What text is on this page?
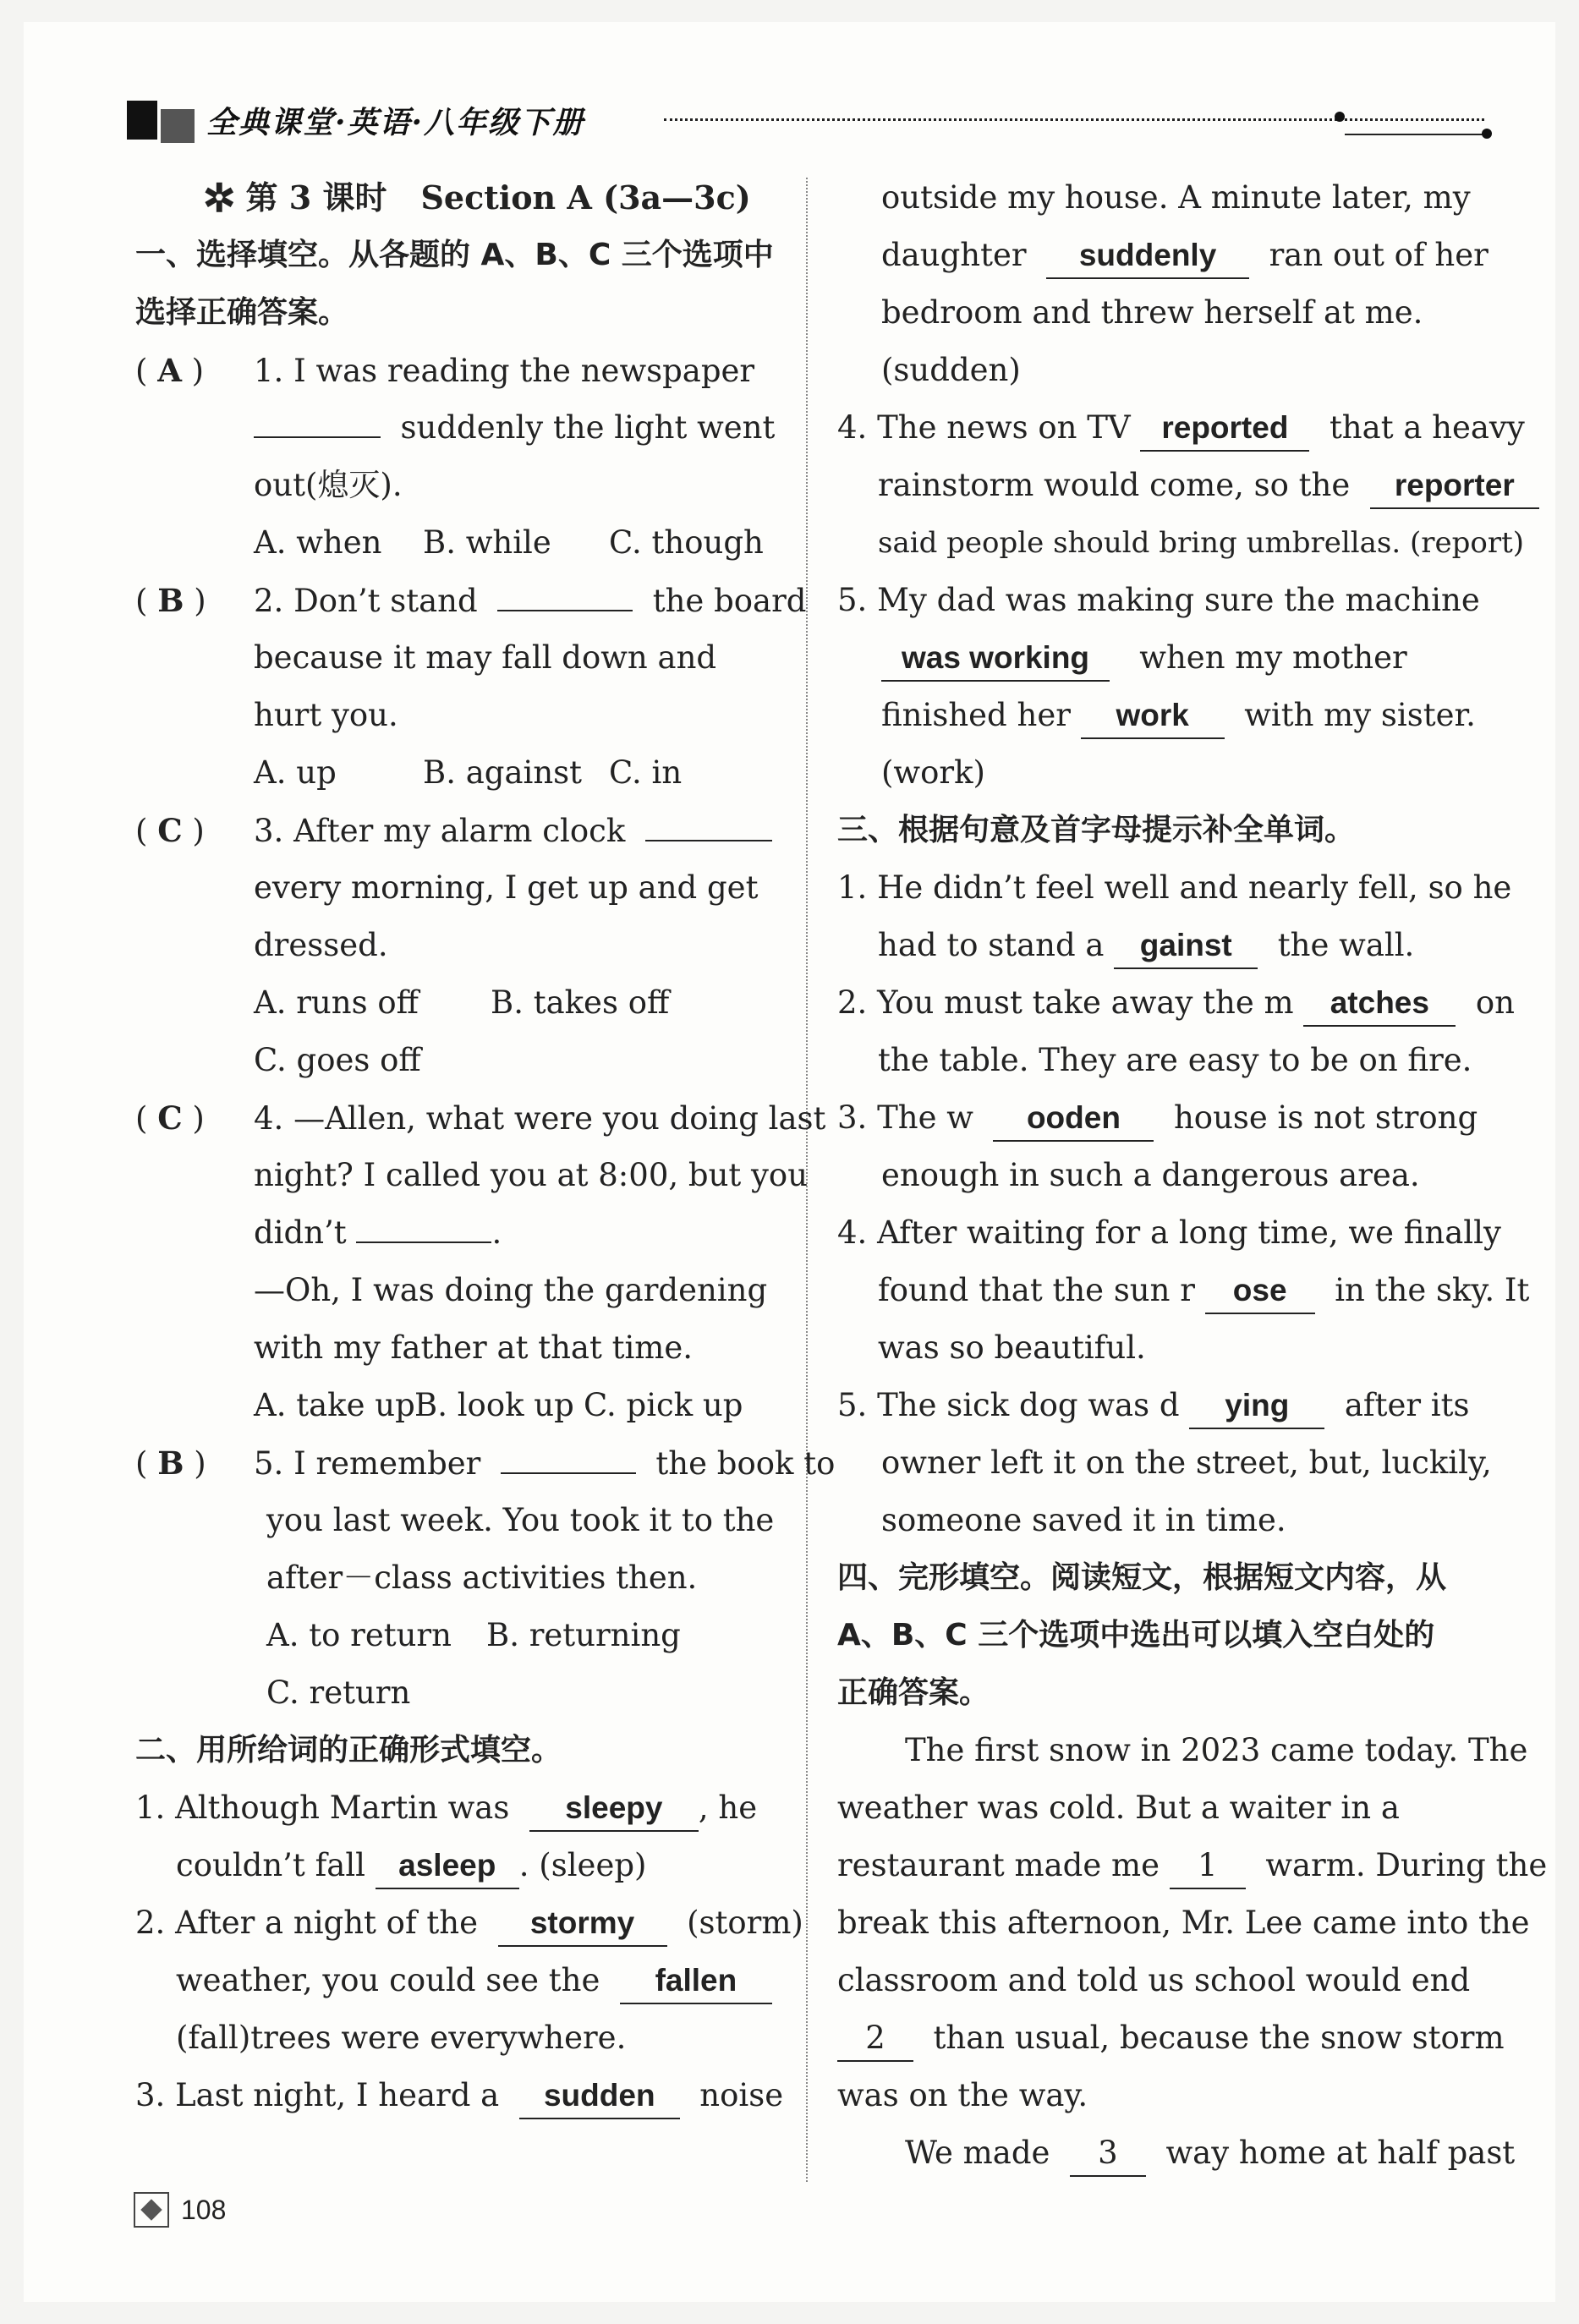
全典课堂·英语·八年级下册
✲ 第 3 课时 Section A (3a—3c)
一、选择填空。从各题的 A、B、C 三个选项中
选择正确答案。
( A ) 1. I was reading the newspaper
suddenly the light went
out(熄灭).
A. when B. while C. though
( B ) 2. Don’t stand	the board
because it may fall down and
hurt you.
A. up	B. against C. in
( C ) 3. After my alarm clock
every morning, I get up and get
dressed.
A. runs off B. takes off
C. goes off
( C ) 4. —Allen, what were you doing last
night? I called you at 8:00, but you
didn’t	.
—Oh, I was doing the gardening
with my father at that time.
A. take upB. look up C. pick up
( B ) 5. I remember	the book to
you last week. You took it to the
after－class activities then.
A. to return B. returning
C. return
二、用所给词的正确形式填空。
1. Although Martin was sleepy , he
couldn’t fall asleep . (sleep)
2. After a night of the stormy (storm)
weather, you could see the fallen
(fall)trees were everywhere.
3. Last night, I heard a sudden noise
outside my house. A minute later, my
daughter suddenly ran out of her
bedroom and threw herself at me.
(sudden)
4. The news on TV reported that a heavy
rainstorm would come, so the reporter
said people should bring umbrellas. (report)
5. My dad was making sure the machine
was working when my mother
finished her work with my sister.
(work)
三、根据句意及首字母提示补全单词。
1. He didn’t feel well and nearly fell, so he
had to stand a gainst the wall.
2. You must take away the m atches on
the table. They are easy to be on fire.
3. The w ooden house is not strong
enough in such a dangerous area.
4. After waiting for a long time, we finally
found that the sun r ose in the sky. It
was so beautiful.
5. The sick dog was d ying after its
owner left it on the street, but, luckily,
someone saved it in time.
四、完形填空。阅读短文，根据短文内容，从
A、B、C 三个选项中选出可以填入空白处的
正确答案。
The first snow in 2023 came today. The
weather was cold. But a waiter in a
restaurant made me 1 warm. During the
break this afternoon, Mr. Lee came into the
classroom and told us school would end
2 than usual, because the snow storm
was on the way.
We made 3 way home at half past
108
